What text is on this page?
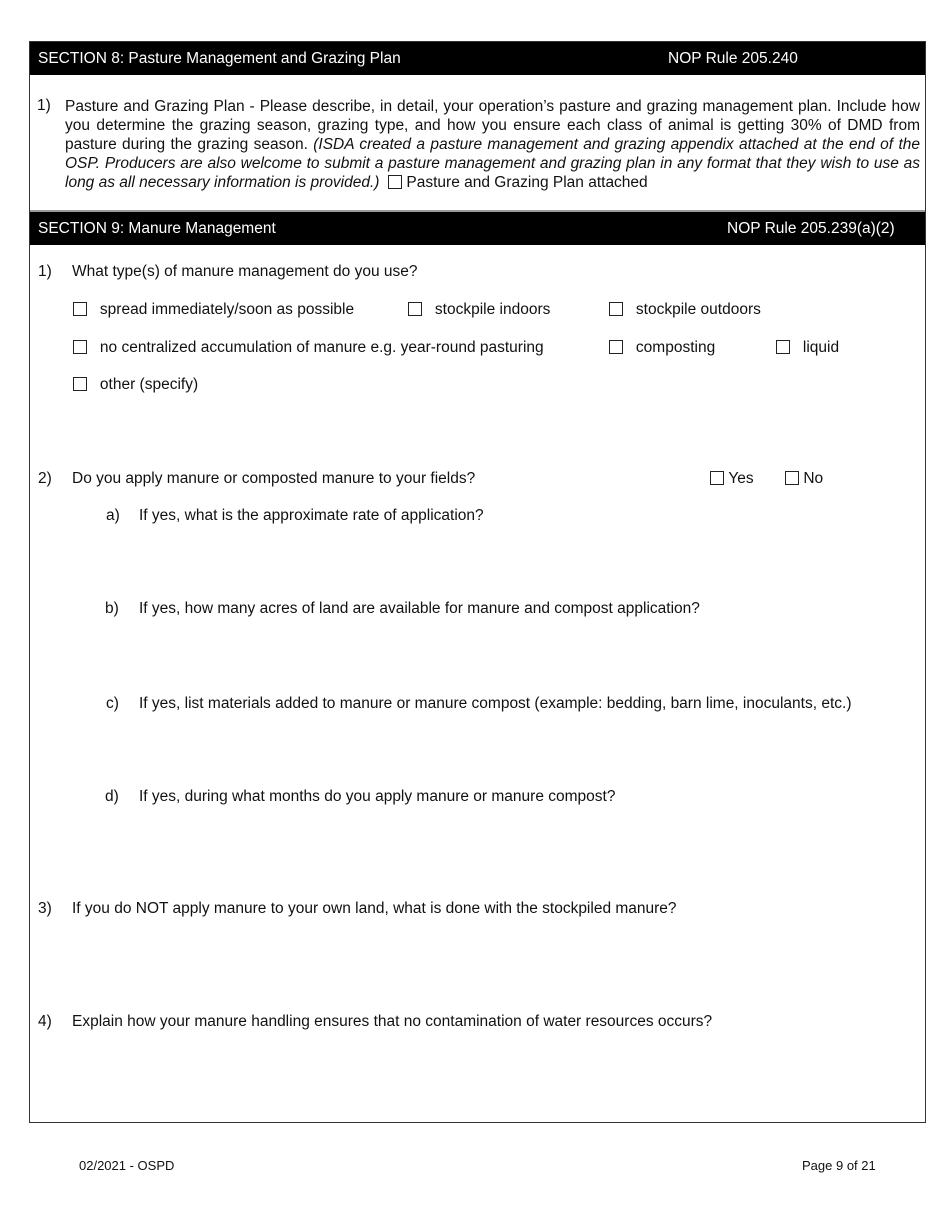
SECTION 8: Pasture Management and Grazing Plan	NOP Rule 205.240
1) Pasture and Grazing Plan - Please describe, in detail, your operation’s pasture and grazing management plan. Include how you determine the grazing season, grazing type, and how you ensure each class of animal is getting 30% of DMD from pasture during the grazing season. (ISDA created a pasture management and grazing appendix attached at the end of the OSP. Producers are also welcome to submit a pasture management and grazing plan in any format that they wish to use as long as all necessary information is provided.) Pasture and Grazing Plan attached
SECTION 9: Manure Management	NOP Rule 205.239(a)(2)
1) What type(s) of manure management do you use?
spread immediately/soon as possible	stockpile indoors	stockpile outdoors
no centralized accumulation of manure e.g. year-round pasturing	composting	liquid
other (specify)
2) Do you apply manure or composted manure to your fields?	Yes	No
a) If yes, what is the approximate rate of application?
b) If yes, how many acres of land are available for manure and compost application?
c) If yes, list materials added to manure or manure compost (example: bedding, barn lime, inoculants, etc.)
d) If yes, during what months do you apply manure or manure compost?
3) If you do NOT apply manure to your own land, what is done with the stockpiled manure?
4) Explain how your manure handling ensures that no contamination of water resources occurs?
02/2021 - OSPD	Page 9 of 21
